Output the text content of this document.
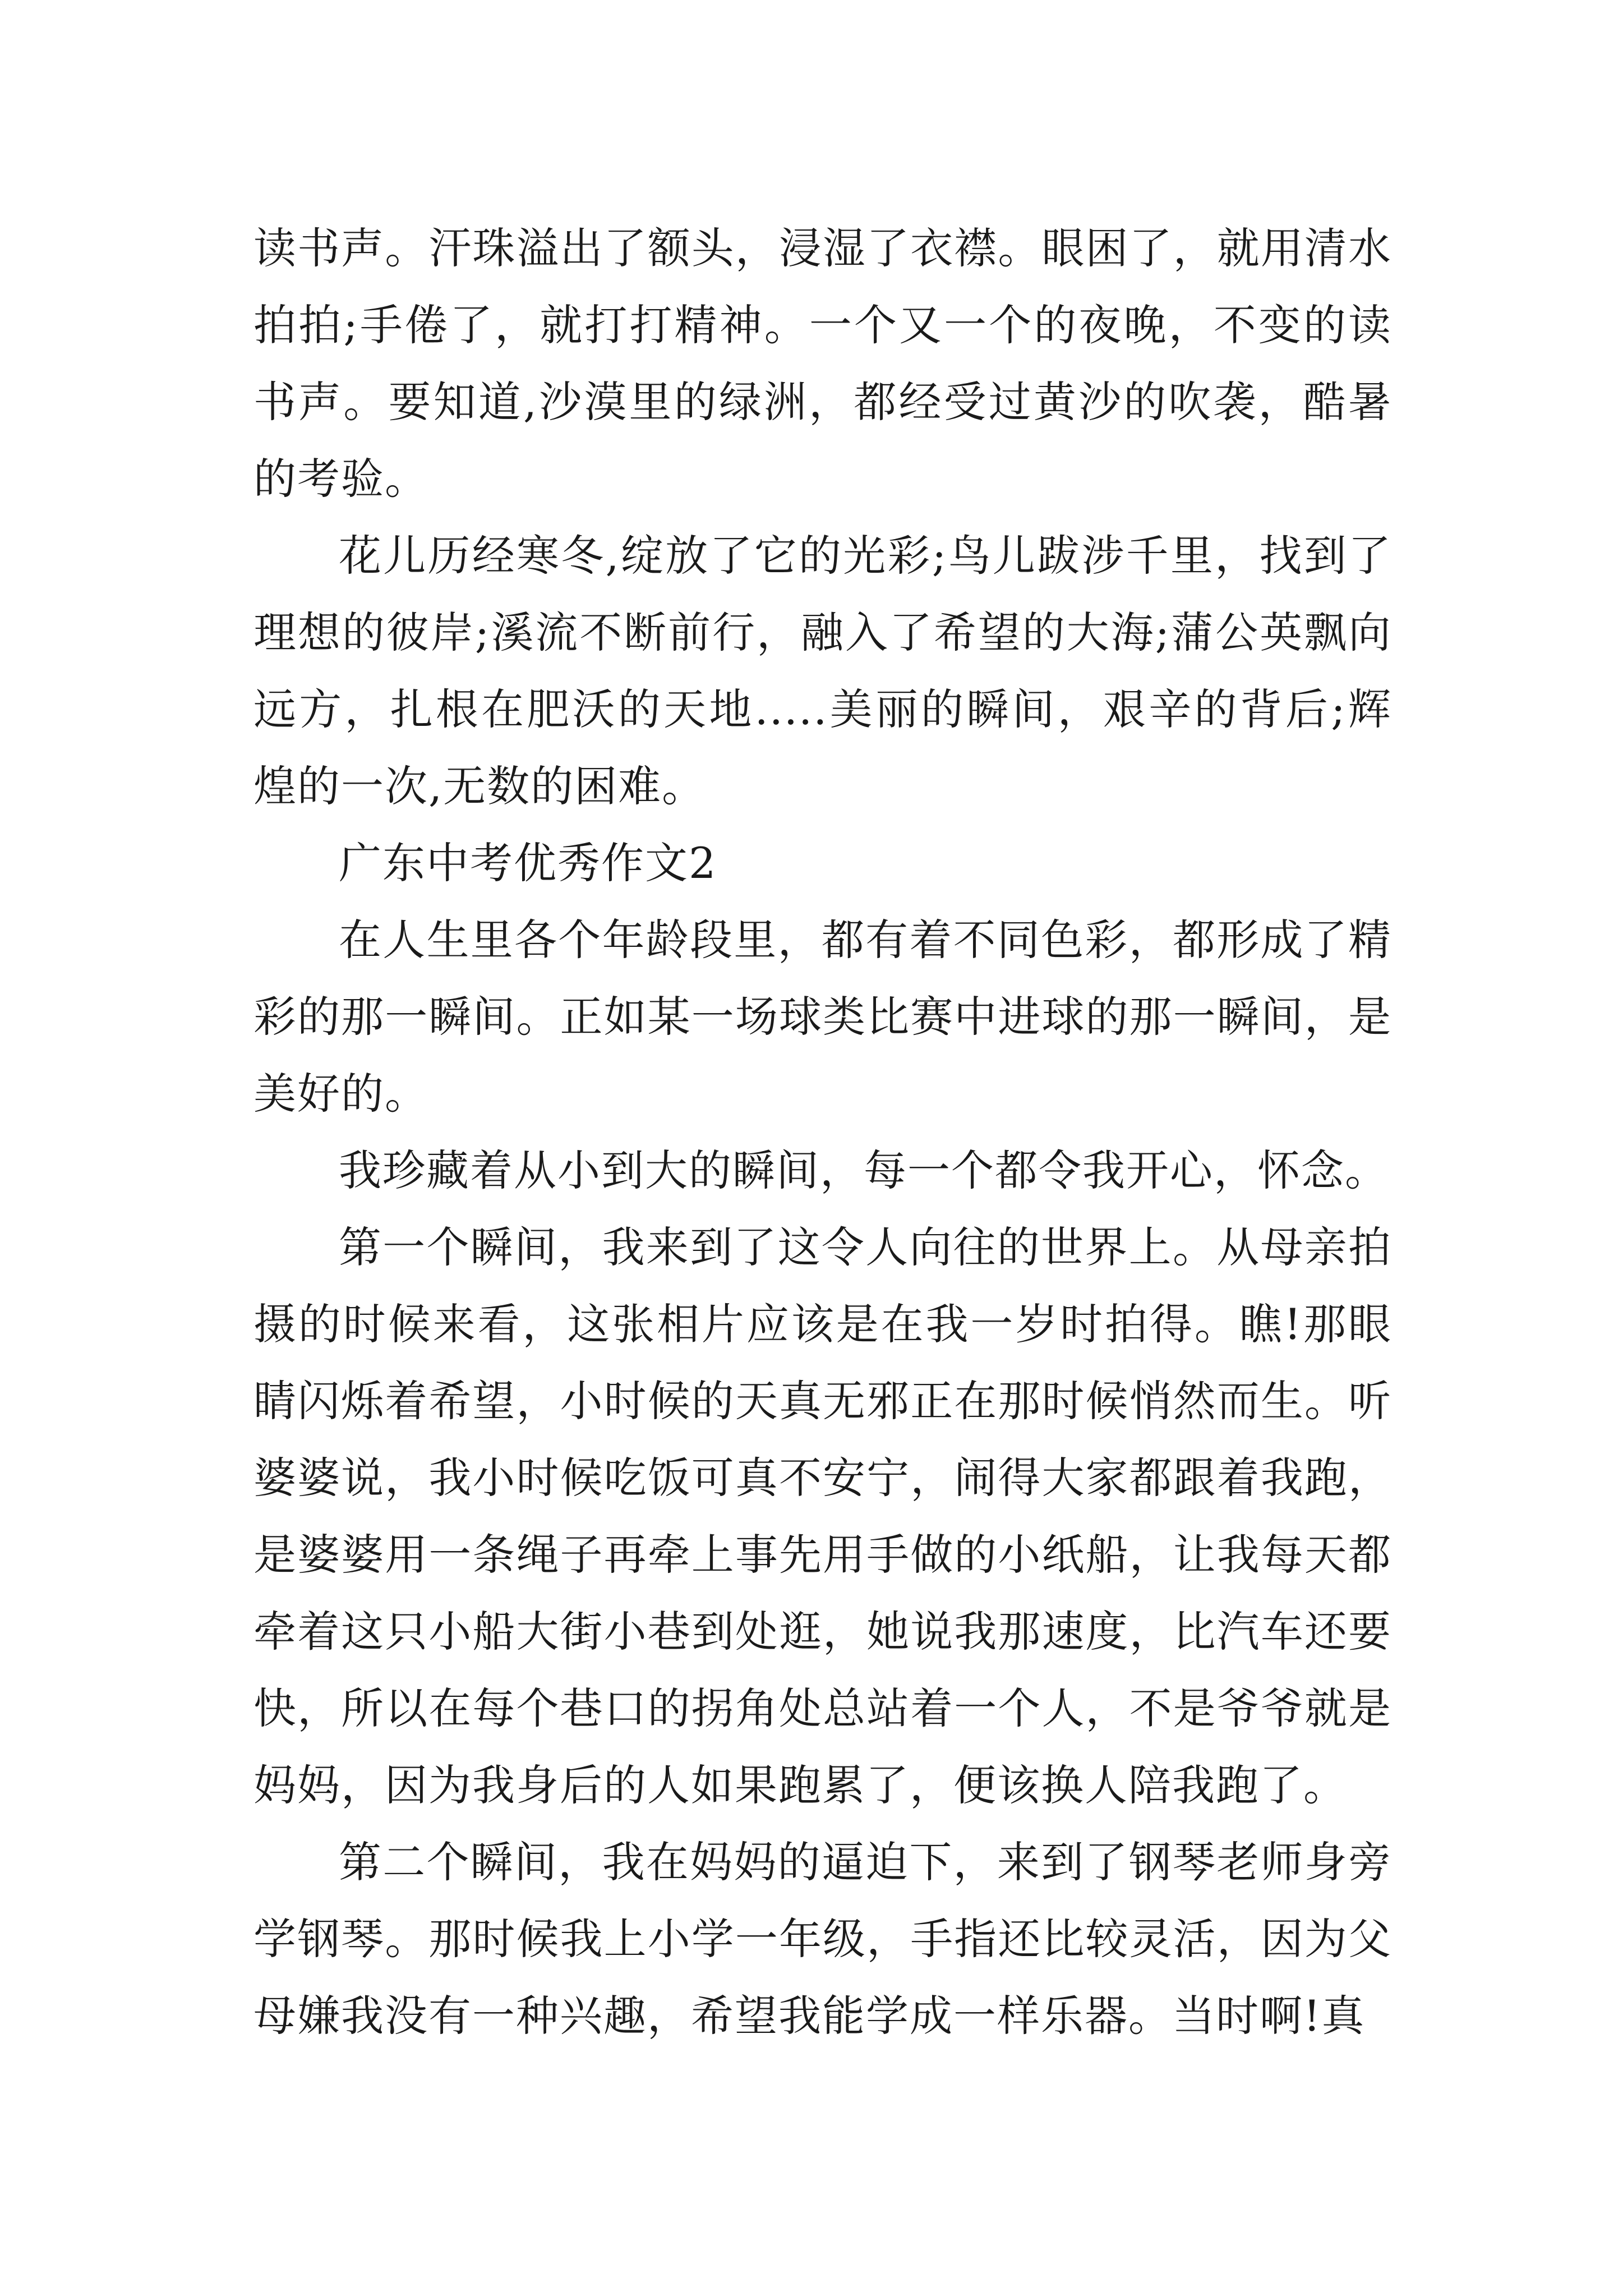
读书声。汗珠溢出了额头，浸湿了衣襟。眼困了，就用清水拍拍;手倦了，就打打精神。一个又一个的夜晚，不变的读书声。要知道,沙漠里的绿洲，都经受过黄沙的吹袭，酷暑的考验。

花儿历经寒冬,绽放了它的光彩;鸟儿跋涉千里，找到了理想的彼岸;溪流不断前行，融入了希望的大海;蒲公英飘向远方，扎根在肥沃的天地.....美丽的瞬间，艰辛的背后;辉煌的一次,无数的困难。

广东中考优秀作文2

在人生里各个年龄段里，都有着不同色彩，都形成了精彩的那一瞬间。正如某一场球类比赛中进球的那一瞬间，是美好的。

我珍藏着从小到大的瞬间，每一个都令我开心，怀念。

第一个瞬间，我来到了这令人向往的世界上。从母亲拍摄的时候来看，这张相片应该是在我一岁时拍得。瞧!那眼睛闪烁着希望，小时候的天真无邪正在那时候悄然而生。听婆婆说，我小时候吃饭可真不安宁，闹得大家都跟着我跑，是婆婆用一条绳子再牵上事先用手做的小纸船，让我每天都牵着这只小船大街小巷到处逛，她说我那速度，比汽车还要快，所以在每个巷口的拐角处总站着一个人，不是爷爷就是妈妈，因为我身后的人如果跑累了，便该换人陪我跑了。

第二个瞬间，我在妈妈的逼迫下，来到了钢琴老师身旁学钢琴。那时候我上小学一年级，手指还比较灵活，因为父母嫌我没有一种兴趣，希望我能学成一样乐器。当时啊!真
